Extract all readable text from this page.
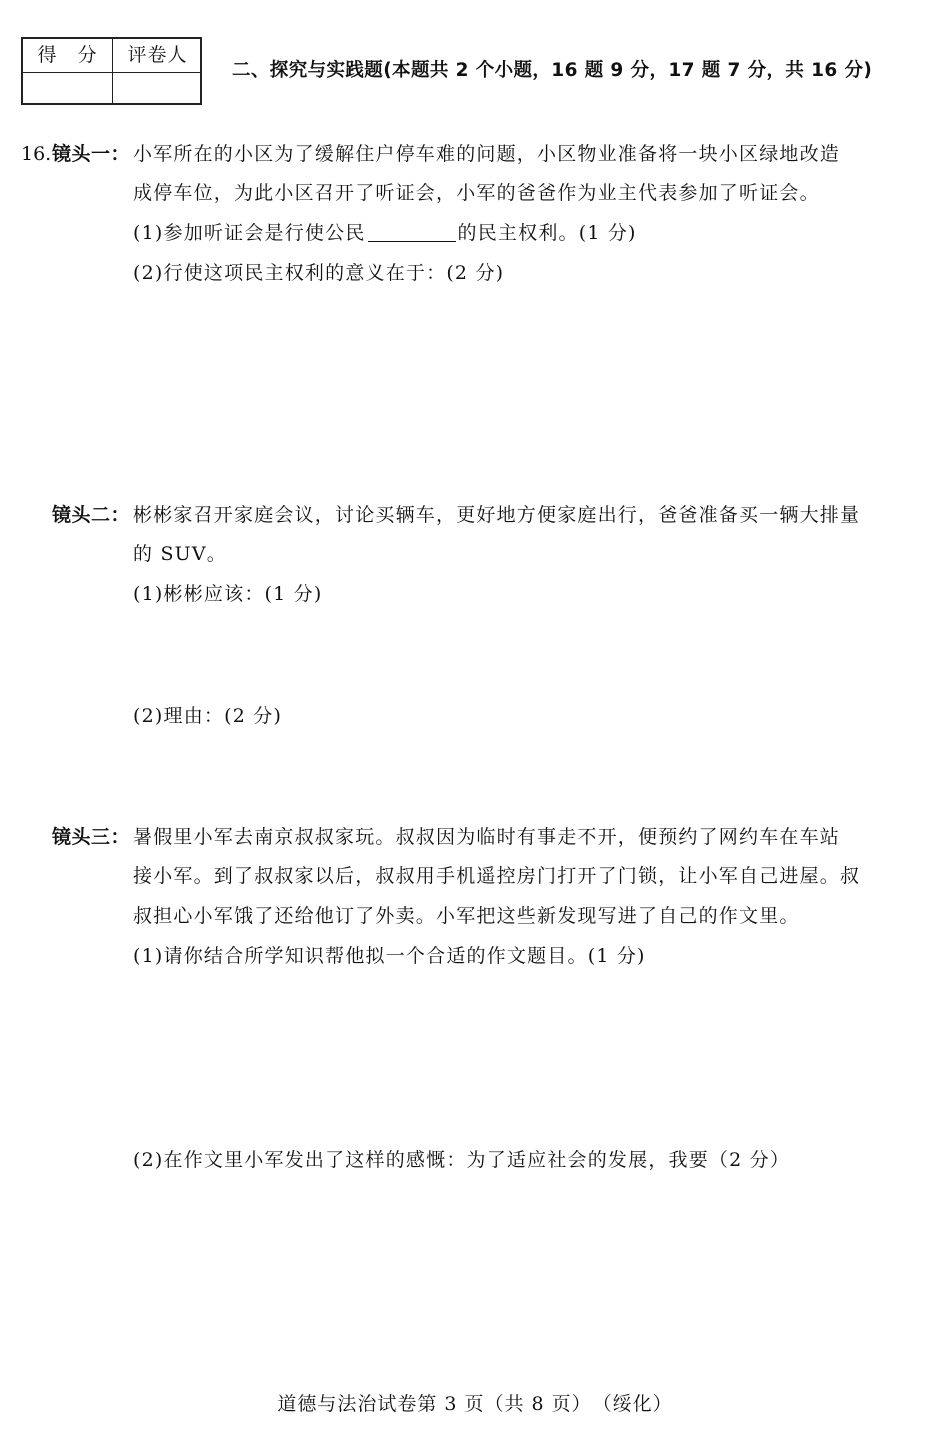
得　分	评卷人
二、探究与实践题(本题共 2 个小题，16 题 9 分，17 题 7 分，共 16 分)
16. 镜头一： 小军所在的小区为了缓解住户停车难的问题，小区物业准备将一块小区绿地改造
成停车位，为此小区召开了听证会，小军的爸爸作为业主代表参加了听证会。
(1)参加听证会是行使公民	的民主权利。(1 分)
(2)行使这项民主权利的意义在于：(2 分)
镜头二： 彬彬家召开家庭会议，讨论买辆车，更好地方便家庭出行，爸爸准备买一辆大排量
的 SUV。
(1)彬彬应该：(1 分)
(2)理由：(2 分)
镜头三： 暑假里小军去南京叔叔家玩。叔叔因为临时有事走不开，便预约了网约车在车站
接小军。到了叔叔家以后，叔叔用手机遥控房门打开了门锁，让小军自己进屋。叔
叔担心小军饿了还给他订了外卖。小军把这些新发现写进了自己的作文里。
(1)请你结合所学知识帮他拟一个合适的作文题目。(1 分)
(2)在作文里小军发出了这样的感慨：为了适应社会的发展，我要（2 分）
道德与法治试卷第 3 页（共 8 页）　（绥化）
